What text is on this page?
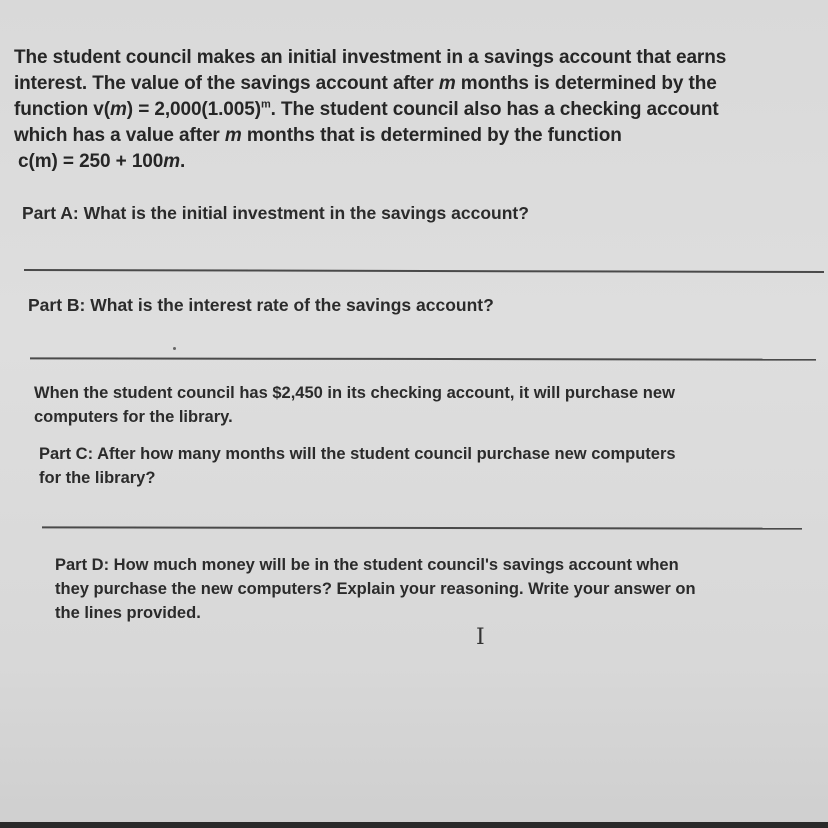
The student council makes an initial investment in a savings account that earns
interest. The value of the savings account after m months is determined by the
function $v(m) = 2,000(1.005)^m$. The student council also has a checking account
which has a value after m months that is determined by the function
c(m) = 250 + 100m.

Part A: What is the initial investment in the savings account?

Part B: What is the interest rate of the savings account?

When the student council has $2,450 in its checking account, it will purchase new

computers for the library.

Part C: After how many months will the student council purchase new computers

for the library?

Part D: How much money will be in the student council's savings account when

they purchase the new computers? Explain your reasoning. Write your answer on

the lines provided.

I
